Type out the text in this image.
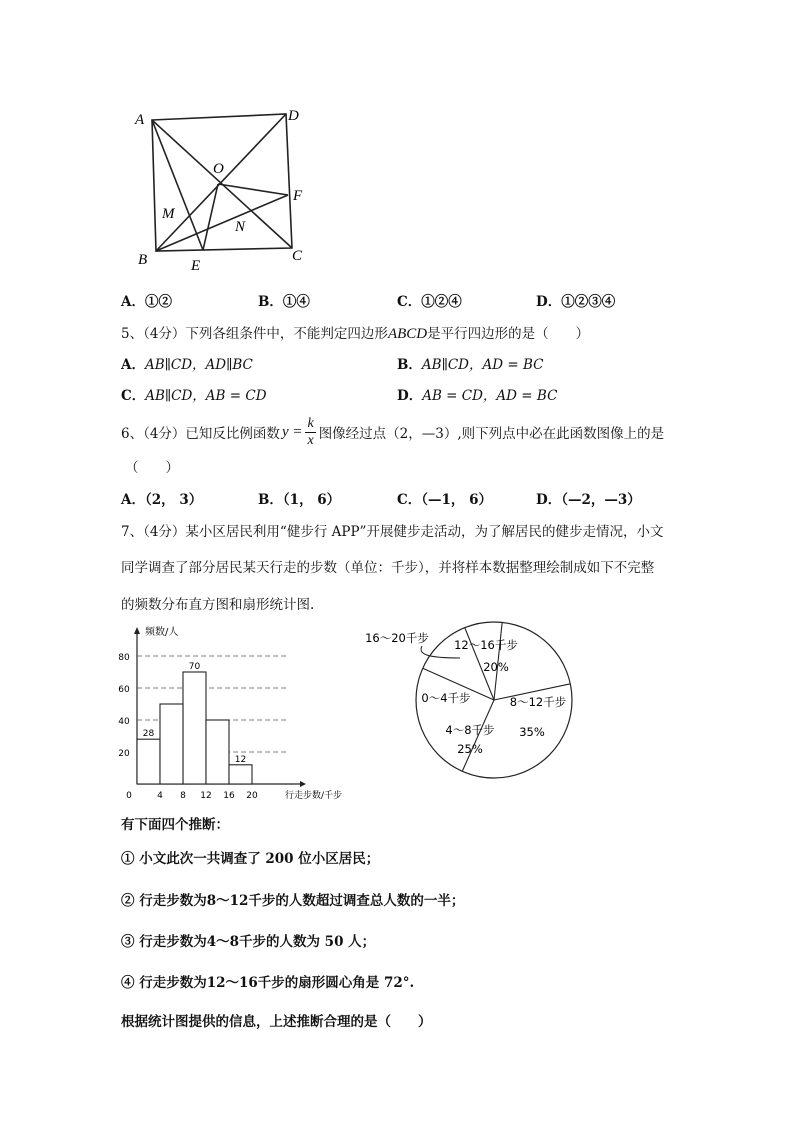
A	D
O
F
M
N
B	E
C
A．①②	B．①④	C．①②④	D．①②③④
5、（4分）下列各组条件中，不能判定四边形ABCD是平行四边形的是（　　）
A．AB∥CD，AD∥BC	B．AB∥CD，AD = BC
C．AB∥CD，AB = CD	D．AB = CD，AD = BC
6、（4分）已知反比例函数 $y = \frac{k}{x}$ 图像经过点（2，—3）,则下列点中必在此函数图像上的是
（　　）
A．（2， 3）	B．（1， 6）	C．（—1， 6）	D．（—2，—3）
7、（4分）某小区居民利用“健步行 APP”开展健步走活动，为了解居民的健步走情况，小文
同学调查了部分居民某天行走的步数（单位：千步），并将样本数据整理绘制成如下不完整
的频数分布直方图和扇形统计图.
20
40
60
80
28
70
12
0	4 8 12 16 20
频数/人
行走步数/千步
12～16千步
20%
8～12千步
35%
4～8千步
25%
0～4千步
16～20千步
有下面四个推断：
① 小文此次一共调查了 200 位小区居民；
② 行走步数为8～12千步的人数超过调查总人数的一半；
③ 行走步数为4～8千步的人数为 50 人；
④ 行走步数为12～16千步的扇形圆心角是 72°.
根据统计图提供的信息，上述推断合理的是（　　）
